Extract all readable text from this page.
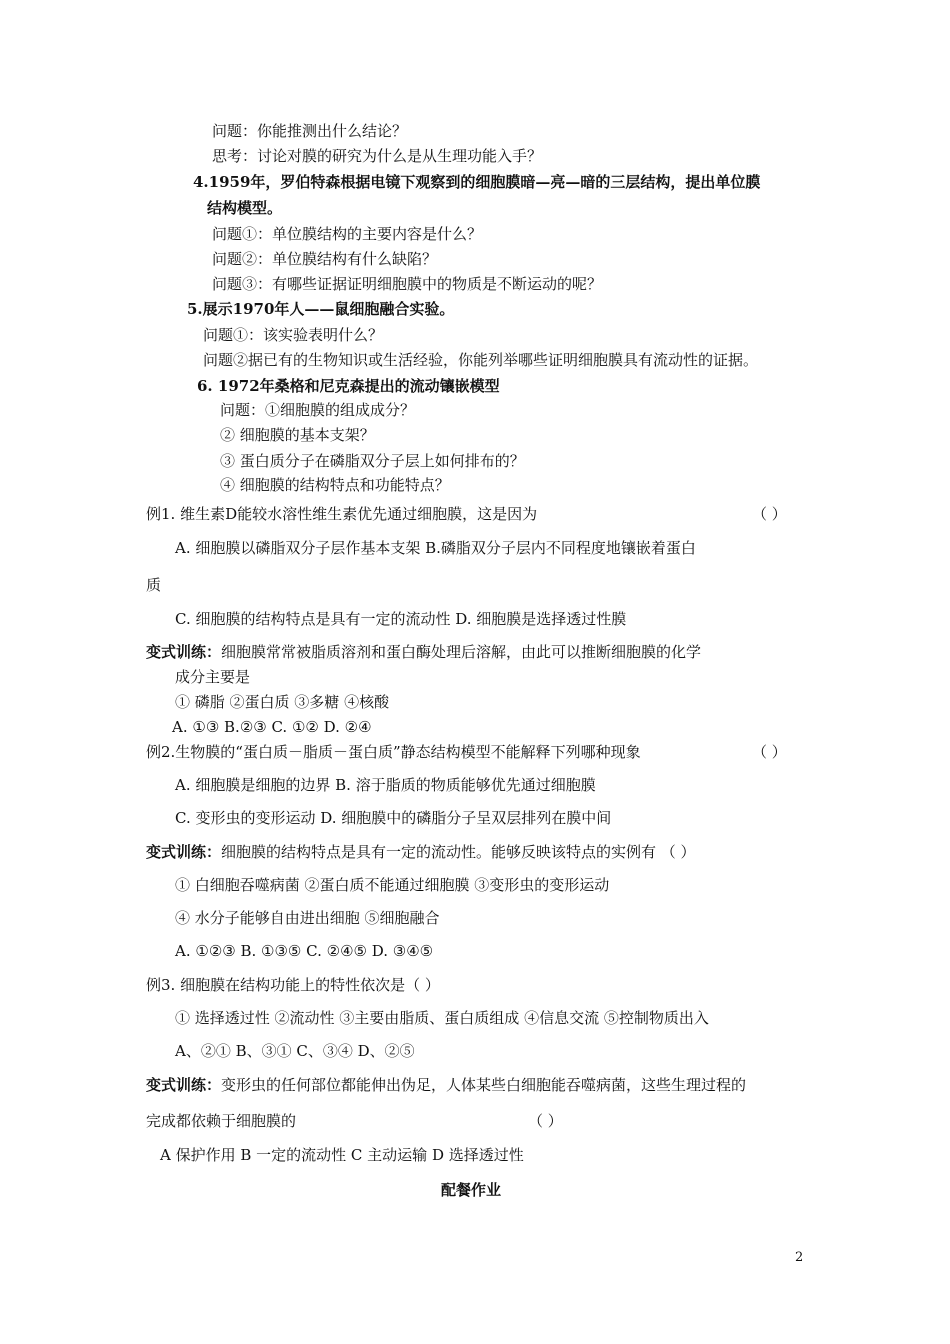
问题：你能推测出什么结论？
思考：讨论对膜的研究为什么是从生理功能入手？
4.1959年，罗伯特森根据电镜下观察到的细胞膜暗—亮—暗的三层结构，提出单位膜
结构模型。
问题①：单位膜结构的主要内容是什么？
问题②：单位膜结构有什么缺陷？
问题③：有哪些证据证明细胞膜中的物质是不断运动的呢？
5.展示1970年人——鼠细胞融合实验。
问题①：该实验表明什么？
问题②据已有的生物知识或生活经验，你能列举哪些证明细胞膜具有流动性的证据。
6. 1972年桑格和尼克森提出的流动镶嵌模型
问题：①细胞膜的组成成分？
② 细胞膜的基本支架？
③ 蛋白质分子在磷脂双分子层上如何排布的？
④ 细胞膜的结构特点和功能特点？
例1. 维生素D能较水溶性维生素优先通过细胞膜，这是因为	（ ）
A. 细胞膜以磷脂双分子层作基本支架 B.磷脂双分子层内不同程度地镶嵌着蛋白
质
C. 细胞膜的结构特点是具有一定的流动性 D. 细胞膜是选择透过性膜
变式训练：细胞膜常常被脂质溶剂和蛋白酶处理后溶解，由此可以推断细胞膜的化学
成分主要是
① 磷脂 ②蛋白质 ③多糖 ④核酸
A. ①③ B.②③ C. ①② D. ②④
例2.生物膜的“蛋白质－脂质－蛋白质”静态结构模型不能解释下列哪种现象	（ ）
A. 细胞膜是细胞的边界 B. 溶于脂质的物质能够优先通过细胞膜
C. 变形虫的变形运动 D. 细胞膜中的磷脂分子呈双层排列在膜中间
变式训练：细胞膜的结构特点是具有一定的流动性。能够反映该特点的实例有 （ ）
① 白细胞吞噬病菌 ②蛋白质不能通过细胞膜 ③变形虫的变形运动
④ 水分子能够自由进出细胞 ⑤细胞融合
A. ①②③ B. ①③⑤ C. ②④⑤ D. ③④⑤
例3. 细胞膜在结构功能上的特性依次是（ ）
① 选择透过性 ②流动性 ③主要由脂质、蛋白质组成 ④信息交流 ⑤控制物质出入
A、②① B、③① C、③④ D、②⑤
变式训练：变形虫的任何部位都能伸出伪足，人体某些白细胞能吞噬病菌，这些生理过程的
完成都依赖于细胞膜的	（ ）
A 保护作用 B 一定的流动性 C 主动运输 D 选择透过性
配餐作业
2
